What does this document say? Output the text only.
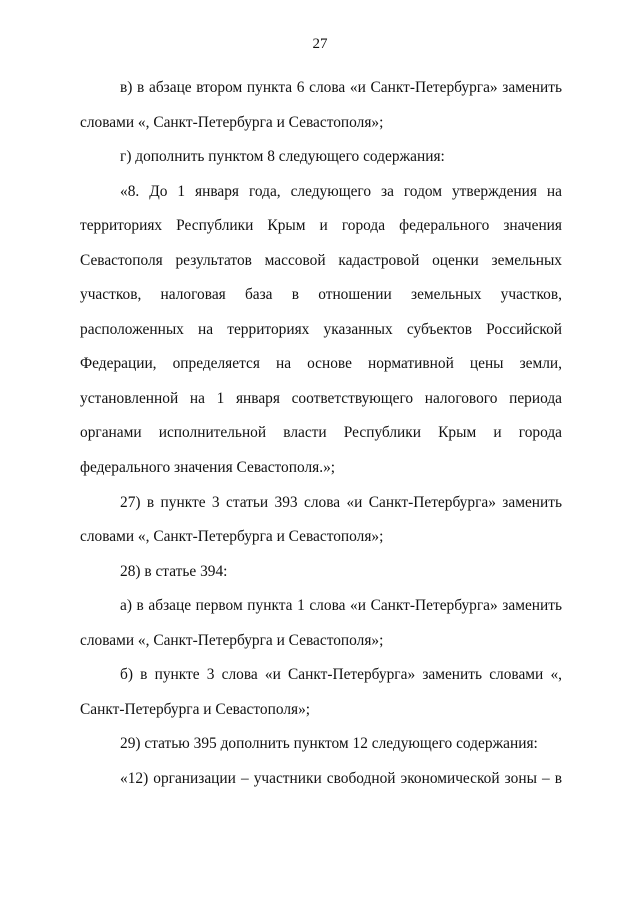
27

в) в абзаце втором пункта 6 слова «и Санкт-Петербурга» заменить словами «, Санкт-Петербурга и Севастополя»;

г) дополнить пунктом 8 следующего содержания:

«8. До 1 января года, следующего за годом утверждения на территориях Республики Крым и города федерального значения Севастополя результатов массовой кадастровой оценки земельных участков, налоговая база в отношении земельных участков, расположенных на территориях указанных субъектов Российской Федерации, определяется на основе нормативной цены земли, установленной на 1 января соответствующего налогового периода органами исполнительной власти Республики Крым и города федерального значения Севастополя.»;

27) в пункте 3 статьи 393 слова «и Санкт-Петербурга» заменить словами «, Санкт-Петербурга и Севастополя»;

28) в статье 394:

а) в абзаце первом пункта 1 слова «и Санкт-Петербурга» заменить словами «, Санкт-Петербурга и Севастополя»;

б) в пункте 3 слова «и Санкт-Петербурга» заменить словами «, Санкт-Петербурга и Севастополя»;

29) статью 395 дополнить пунктом 12 следующего содержания:

«12) организации – участники свободной экономической зоны – в
